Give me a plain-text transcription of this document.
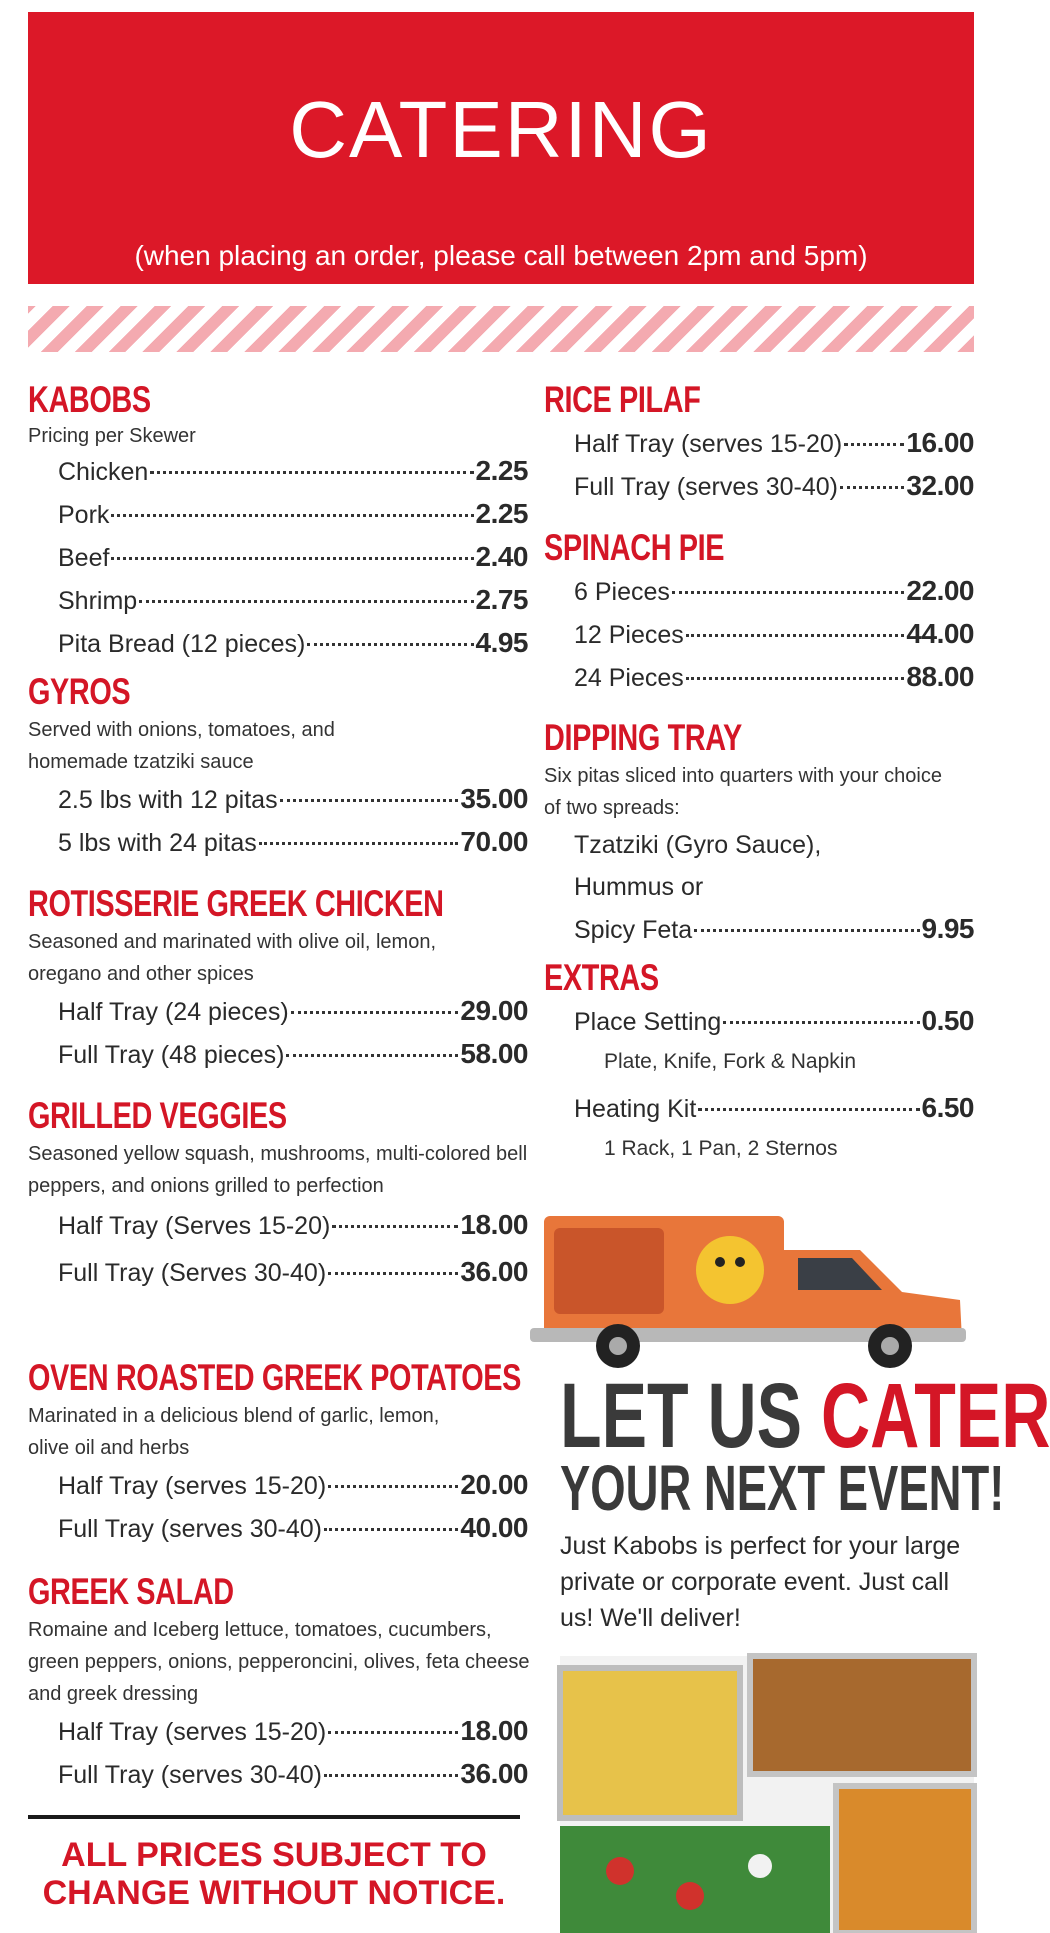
CATERING
(when placing an order, please call between 2pm and 5pm)
KABOBS
Pricing per Skewer
Chicken	2.25
Pork	2.25
Beef	2.40
Shrimp	2.75
Pita Bread (12 pieces)	4.95
GYROS
Served with onions, tomatoes, and homemade tzatziki sauce
2.5 lbs with 12 pitas	35.00
5 lbs with 24 pitas	70.00
ROTISSERIE GREEK CHICKEN
Seasoned and marinated with olive oil, lemon, oregano and other spices
Half Tray (24 pieces)	29.00
Full Tray (48 pieces)	58.00
GRILLED VEGGIES
Seasoned yellow squash, mushrooms, multi-colored bell peppers, and onions grilled to perfection
Half Tray (Serves 15-20)	18.00
Full Tray (Serves 30-40)	36.00
OVEN ROASTED GREEK POTATOES
Marinated in a delicious blend of garlic, lemon, olive oil and herbs
Half Tray (serves 15-20)	20.00
Full Tray (serves 30-40)	40.00
GREEK SALAD
Romaine and Iceberg lettuce, tomatoes, cucumbers, green peppers, onions, pepperoncini, olives, feta cheese and greek dressing
Half Tray (serves 15-20)	18.00
Full Tray (serves 30-40)	36.00
ALL PRICES SUBJECT TO
CHANGE WITHOUT NOTICE.
RICE PILAF
Half Tray (serves 15-20) 16.00
Full Tray (serves 30-40) 32.00
SPINACH PIE
6 Pieces	22.00
12 Pieces	44.00
24 Pieces	88.00
DIPPING TRAY
Six pitas sliced into quarters with your choice of two spreads:
Tzatziki (Gyro Sauce),
Hummus or
Spicy Feta	9.95
EXTRAS
Place Setting	0.50
Plate, Knife, Fork & Napkin
Heating Kit	6.50
1 Rack, 1 Pan, 2 Sternos
LET US CATER
YOUR NEXT EVENT!
Just Kabobs is perfect for your large private or corporate event. Just call us! We'll deliver!
